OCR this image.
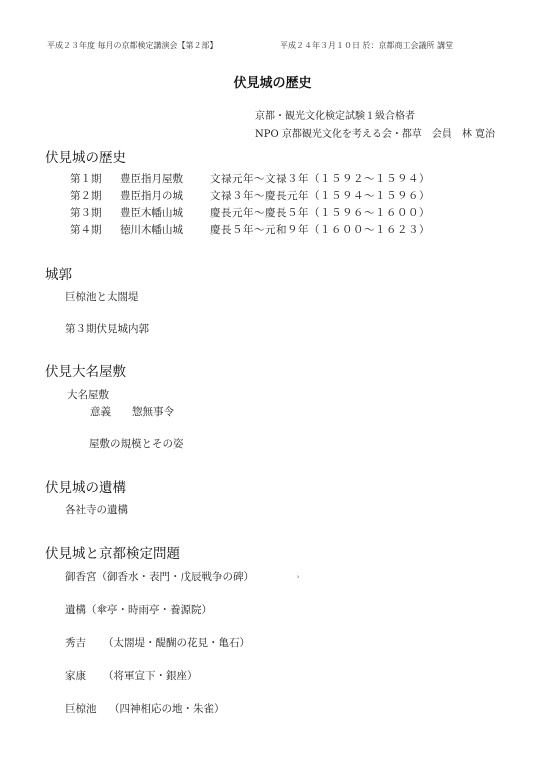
平成２３年度 毎月の京都検定講演会【第２部】	平成２４年３月１０日 於：京都商工会議所 講堂
伏見城の歴史
京都・観光文化検定試験１級合格者
NPO 京都観光文化を考える会・都草　会員　林 寛治
伏見城の歴史
第１期 豊臣指月屋敷	文禄元年～文禄３年（１５９２～１５９４）
第２期 豊臣指月の城	文禄３年～慶長元年（１５９４～１５９６）
第３期 豊臣木幡山城	慶長元年～慶長５年（１５９６～１６００）
第４期 徳川木幡山城	慶長５年～元和９年（１６００～１６２３）
城郭
巨椋池と太閤堤
第３期伏見城内郭
伏見大名屋敷
大名屋敷
意義 惣無事令
屋敷の規模とその姿
伏見城の遺構
各社寺の遺構
伏見城と京都検定問題
御香宮（御香水・表門・戊辰戦争の碑）
遺構（傘亭・時雨亭・養源院）
秀吉 （太閤堤・醍醐の花見・亀石）
家康 （将軍宣下・銀座）
巨椋池 （四神相応の地・朱雀）
ʾ
